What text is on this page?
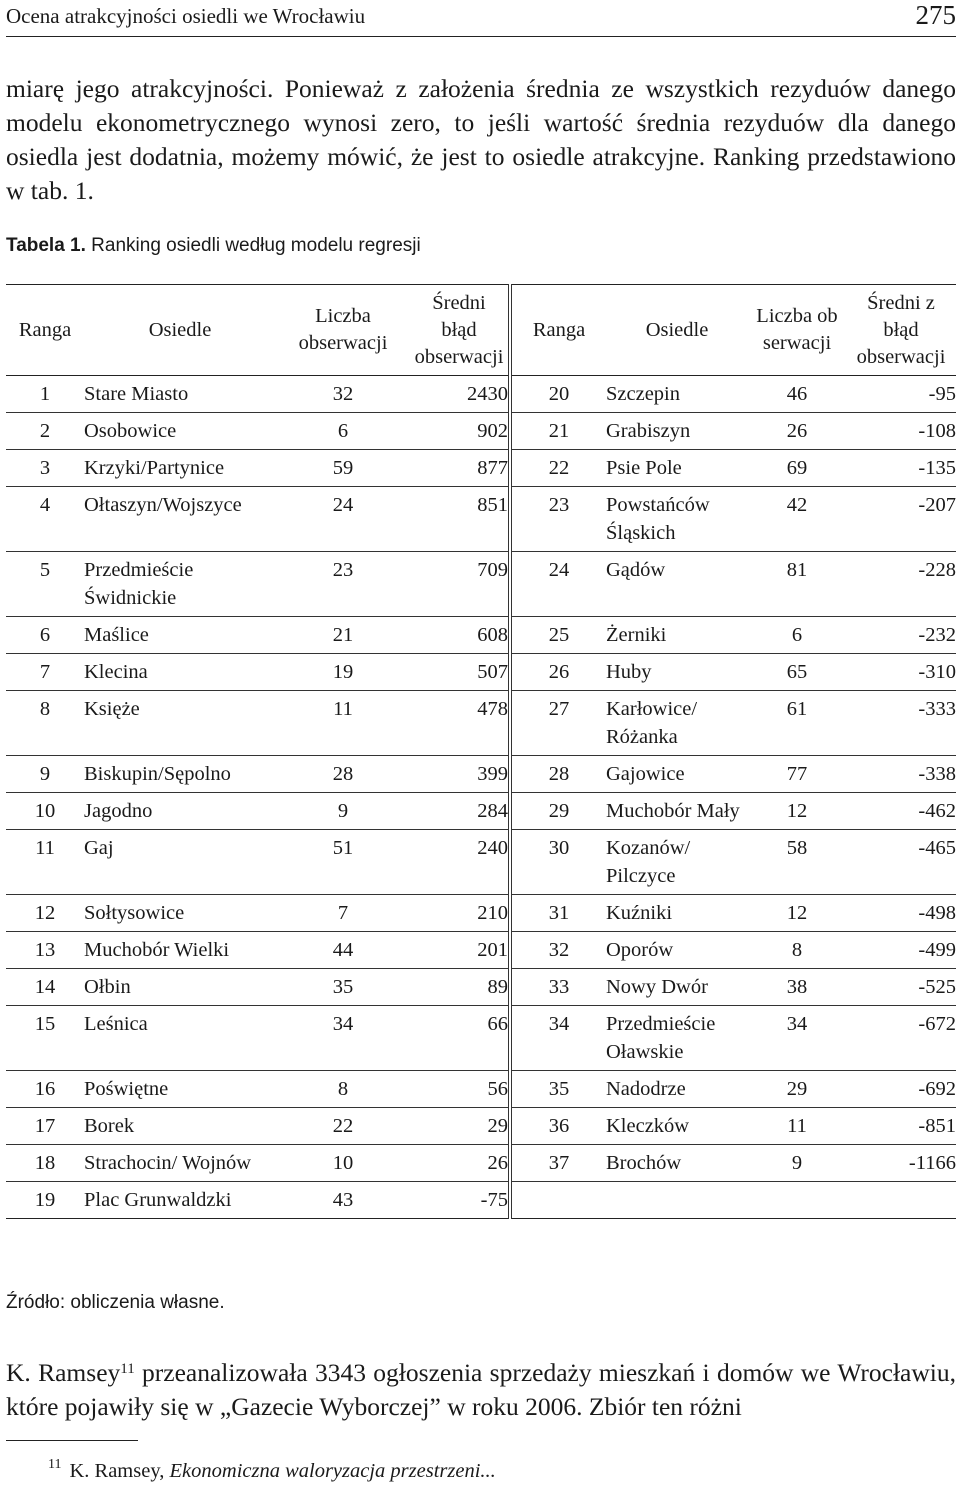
Ocena atrakcyjności osiedli we Wrocławiu	275

miarę jego atrakcyjności. Ponieważ z założenia średnia ze wszystkich rezyduów danego modelu ekonometrycznego wynosi zero, to jeśli wartość średnia rezyduów dla danego osiedla jest dodatnia, możemy mówić, że jest to osiedle atrakcyjne. Ranking przedstawiono w tab. 1.

Tabela 1. Ranking osiedli według modelu regresji
Ranga	Osiedle	Liczba obserwacji	Średni błąd obserwacji	Ranga	Osiedle	Liczba obserwacji	Średni z błąd obserwacji

1	Stare Miasto	32	2430	20	Szczepin	46	-95
2	Osobowice	6	902	21	Grabiszyn	26	-108
3	Krzyki/Partynice	59	877	22	Psie Pole	69	-135
4	Ołtaszyn/Wojszyce	24	851	23	Powstańców Śląskich	42	-207
5	Przedmieście Świdnickie	23	709	24	Gądów	81	-228
6	Maślice	21	608	25	Żerniki	6	-232
7	Klecina	19	507	26	Huby	65	-310
8	Księże	11	478	27	Karłowice/ Różanka	61	-333
9	Biskupin/Sępolno	28	399	28	Gajowice	77	-338
10	Jagodno	9	284	29	Muchobór Mały	12	-462
11	Gaj	51	240	30	Kozanów/ Pilczyce	58	-465
12	Sołtysowice	7	210	31	Kuźniki	12	-498
13	Muchobór Wielki	44	201	32	Oporów	8	-499
14	Ołbin	35	89	33	Nowy Dwór	38	-525
15	Leśnica	34	66	34	Przedmieście Oławskie	34	-672
16	Poświętne	8	56	35	Nadodrze	29	-692
17	Borek	22	29	36	Kleczków	11	-851
18	Strachocin/ Wojnów	10	26	37	Brochów	9	-1166
19	Plac Grunwaldzki	43	-75				
Źródło: obliczenia własne.

K. Ramsey$^{11}$ przeanalizowała 3343 ogłoszenia sprzedaży mieszkań i domów we Wrocławiu, które pojawiły się w „Gazecie Wyborczej” w roku 2006. Zbiór ten różni

$^{11}$ K. Ramsey, Ekonomiczna waloryzacja przestrzeni...
